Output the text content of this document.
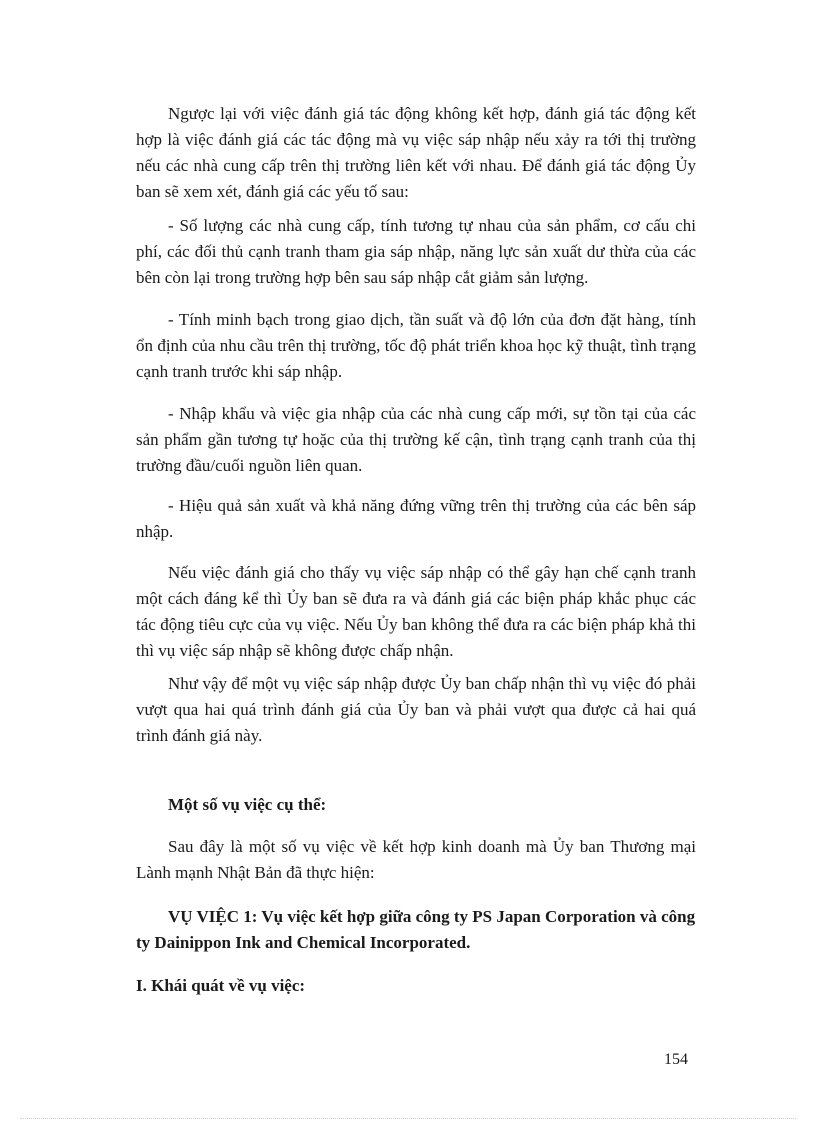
Ngược lại với việc đánh giá tác động không kết hợp, đánh giá tác động kết hợp là việc đánh giá các tác động mà vụ việc sáp nhập nếu xảy ra tới thị trường nếu các nhà cung cấp trên thị trường liên kết với nhau. Để đánh giá tác động Ủy ban sẽ xem xét, đánh giá các yếu tố sau:

- Số lượng các nhà cung cấp, tính tương tự nhau của sản phẩm, cơ cấu chi phí, các đối thủ cạnh tranh tham gia sáp nhập, năng lực sản xuất dư thừa của các bên còn lại trong trường hợp bên sau sáp nhập cắt giảm sản lượng.

- Tính minh bạch trong giao dịch, tần suất và độ lớn của đơn đặt hàng, tính ổn định của nhu cầu trên thị trường, tốc độ phát triển khoa học kỹ thuật, tình trạng cạnh tranh trước khi sáp nhập.

- Nhập khẩu và việc gia nhập của các nhà cung cấp mới, sự tồn tại của các sản phẩm gần tương tự hoặc của thị trường kế cận, tình trạng cạnh tranh của thị trường đầu/cuối nguồn liên quan.

- Hiệu quả sản xuất và khả năng đứng vững trên thị trường của các bên sáp nhập.

Nếu việc đánh giá cho thấy vụ việc sáp nhập có thể gây hạn chế cạnh tranh một cách đáng kể thì Ủy ban sẽ đưa ra và đánh giá các biện pháp khắc phục các tác động tiêu cực của vụ việc. Nếu Ủy ban không thể đưa ra các biện pháp khả thi thì vụ việc sáp nhập sẽ không được chấp nhận.

Như vậy để một vụ việc sáp nhập được Ủy ban chấp nhận thì vụ việc đó phải vượt qua hai quá trình đánh giá của Ủy ban và phải vượt qua được cả hai quá trình đánh giá này.

Một số vụ việc cụ thể:

Sau đây là một số vụ việc về kết hợp kinh doanh mà Ủy ban Thương mại Lành mạnh Nhật Bản đã thực hiện:

VỤ VIỆC 1: Vụ việc kết hợp giữa công ty PS Japan Corporation và công ty Dainippon Ink and Chemical Incorporated.

I. Khái quát về vụ việc:

154
